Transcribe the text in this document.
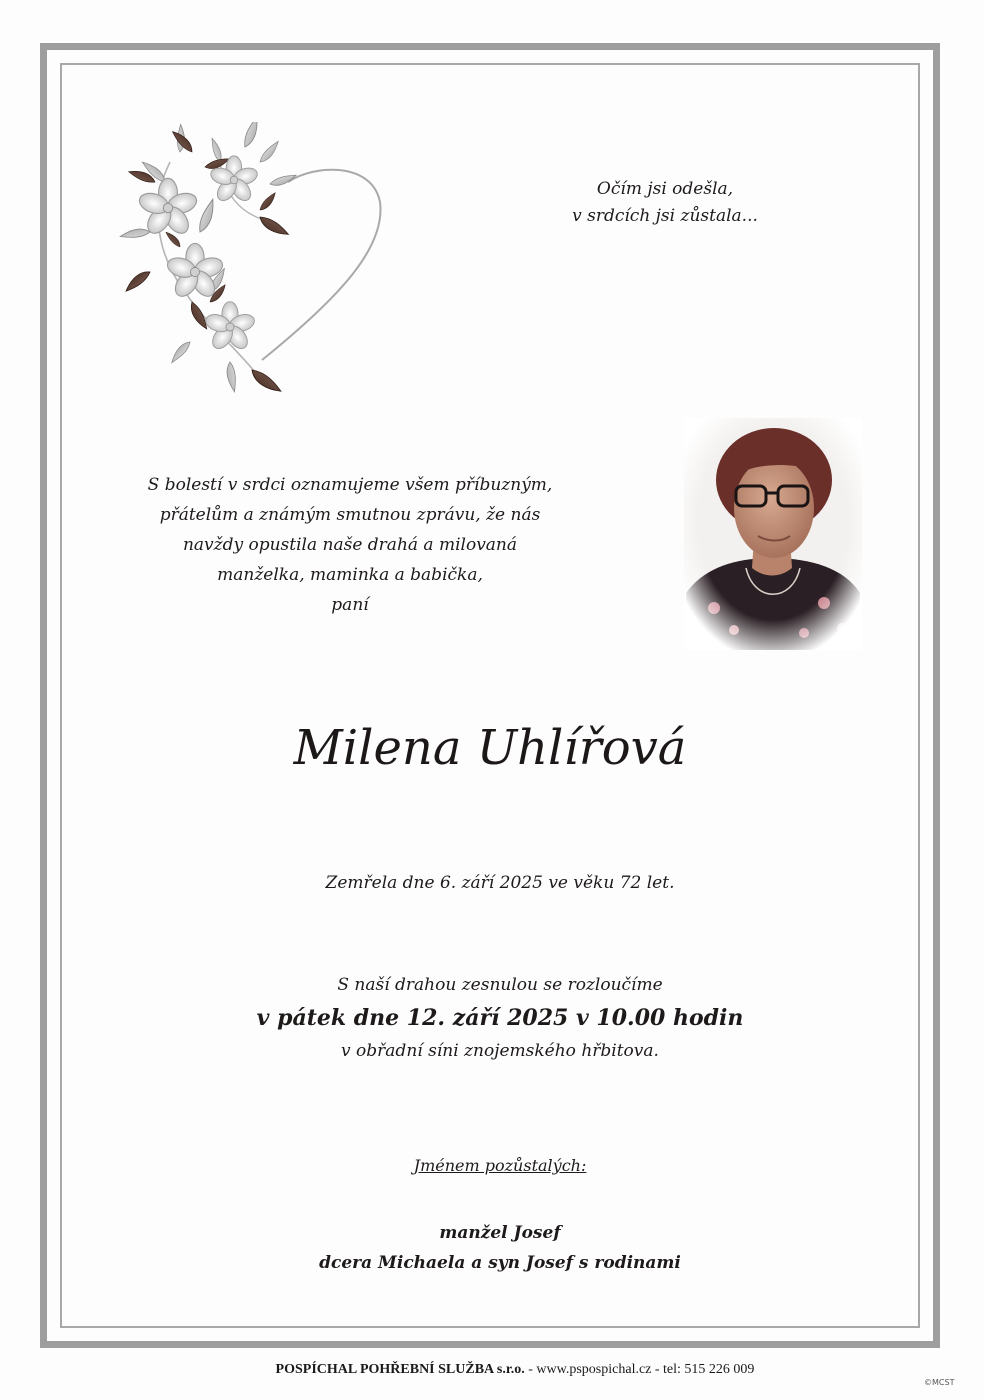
Očím jsi odešla,
v srdcích jsi zůstala...
S bolestí v srdci oznamujeme všem příbuzným,
přátelům a známým smutnou zprávu, že nás
navždy opustila naše drahá a milovaná
manželka, maminka a babička,
paní
Milena Uhlířová
Zemřela dne 6. září 2025 ve věku 72 let.
S naší drahou zesnulou se rozloučíme
v pátek dne 12. září 2025 v 10.00 hodin
v obřadní síni znojemského hřbitova.
Jménem pozůstalých:
manžel Josef
dcera Michaela a syn Josef s rodinami
POSPÍCHAL POHŘEBNÍ SLUŽBA s.r.o. - www.pspospichal.cz - tel: 515 226 009
©MCST
